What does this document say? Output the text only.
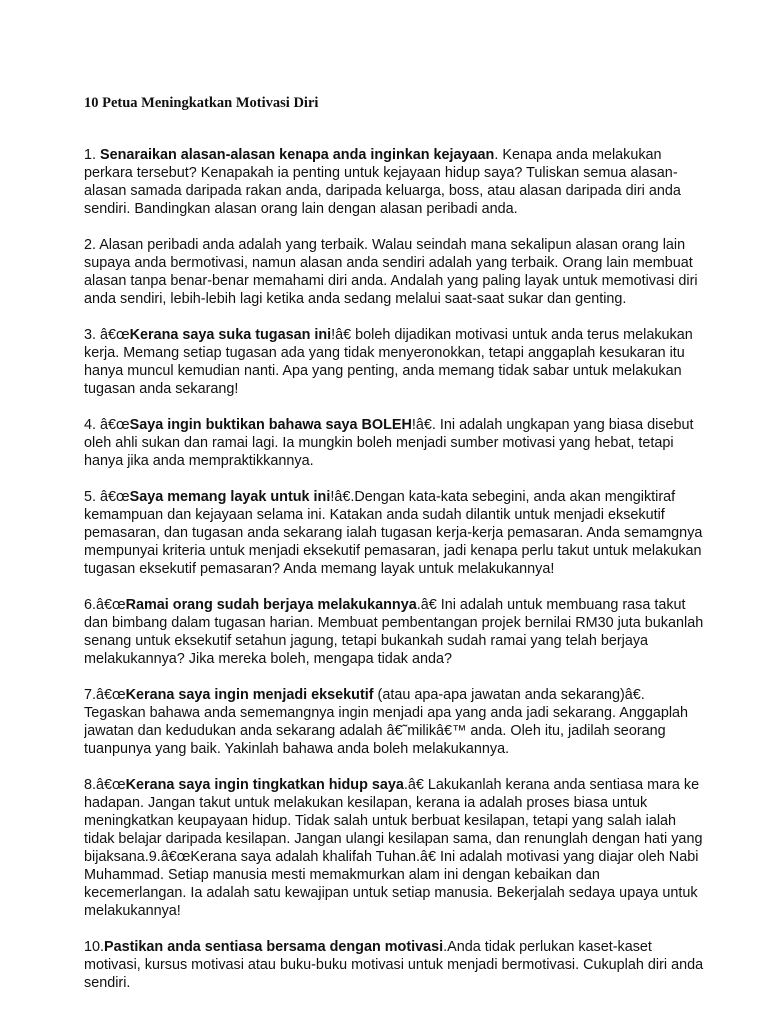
10 Petua Meningkatkan Motivasi Diri

1. Senaraikan alasan-alasan kenapa anda inginkan kejayaan. Kenapa anda melakukan perkara tersebut? Kenapakah ia penting untuk kejayaan hidup saya? Tuliskan semua alasan-alasan samada daripada rakan anda, daripada keluarga, boss, atau alasan daripada diri anda sendiri. Bandingkan alasan orang lain dengan alasan peribadi anda.

2. Alasan peribadi anda adalah yang terbaik. Walau seindah mana sekalipun alasan orang lain supaya anda bermotivasi, namun alasan anda sendiri adalah yang terbaik. Orang lain membuat alasan tanpa benar-benar memahami diri anda. Andalah yang paling layak untuk memotivasi diri anda sendiri, lebih-lebih lagi ketika anda sedang melalui saat-saat sukar dan genting.

3. â€œKerana saya suka tugasan ini!â€ boleh dijadikan motivasi untuk anda terus melakukan kerja. Memang setiap tugasan ada yang tidak menyeronokkan, tetapi anggaplah kesukaran itu hanya muncul kemudian nanti. Apa yang penting, anda memang tidak sabar untuk melakukan tugasan anda sekarang!

4. â€œSaya ingin buktikan bahawa saya BOLEH!â€. Ini adalah ungkapan yang biasa disebut oleh ahli sukan dan ramai lagi. Ia mungkin boleh menjadi sumber motivasi yang hebat, tetapi hanya jika anda mempraktikkannya.

5. â€œSaya memang layak untuk ini!â€.Dengan kata-kata sebegini, anda akan mengiktiraf kemampuan dan kejayaan selama ini. Katakan anda sudah dilantik untuk menjadi eksekutif pemasaran, dan tugasan anda sekarang ialah tugasan kerja-kerja pemasaran. Anda semamgnya mempunyai kriteria untuk menjadi eksekutif pemasaran, jadi kenapa perlu takut untuk melakukan tugasan eksekutif pemasaran? Anda memang layak untuk melakukannya!

6.â€œRamai orang sudah berjaya melakukannya.â€ Ini adalah untuk membuang rasa takut dan bimbang dalam tugasan harian. Membuat pembentangan projek bernilai RM30 juta bukanlah senang untuk eksekutif setahun jagung, tetapi bukankah sudah ramai yang telah berjaya melakukannya? Jika mereka boleh, mengapa tidak anda?

7.â€œKerana saya ingin menjadi eksekutif (atau apa-apa jawatan anda sekarang)â€. Tegaskan bahawa anda sememangnya ingin menjadi apa yang anda jadi sekarang. Anggaplah jawatan dan kedudukan anda sekarang adalah â€˜milikâ€™ anda. Oleh itu, jadilah seorang tuanpunya yang baik. Yakinlah bahawa anda boleh melakukannya.

8.â€œKerana saya ingin tingkatkan hidup saya.â€ Lakukanlah kerana anda sentiasa mara ke hadapan. Jangan takut untuk melakukan kesilapan, kerana ia adalah proses biasa untuk meningkatkan keupayaan hidup. Tidak salah untuk berbuat kesilapan, tetapi yang salah ialah tidak belajar daripada kesilapan. Jangan ulangi kesilapan sama, dan renunglah dengan hati yang bijaksana.9.â€œKerana saya adalah khalifah Tuhan.â€ Ini adalah motivasi yang diajar oleh Nabi Muhammad. Setiap manusia mesti memakmurkan alam ini dengan kebaikan dan kecemerlangan. Ia adalah satu kewajipan untuk setiap manusia. Bekerjalah sedaya upaya untuk melakukannya!

10.Pastikan anda sentiasa bersama dengan motivasi.Anda tidak perlukan kaset-kaset motivasi, kursus motivasi atau buku-buku motivasi untuk menjadi bermotivasi. Cukuplah diri anda sendiri.
